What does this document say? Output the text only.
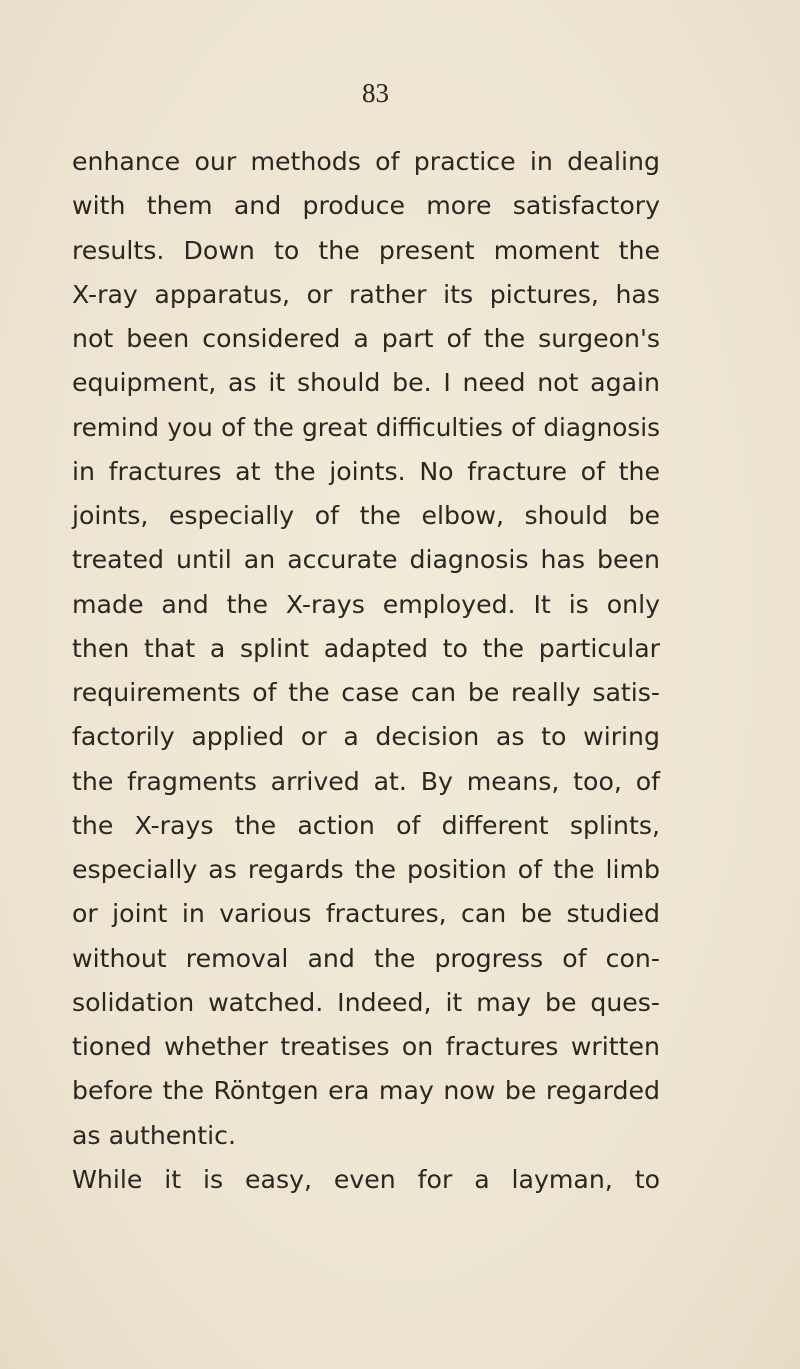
83
enhance our methods of practice in dealing
with them and produce more satisfactory
results. Down to the present moment the
X-ray apparatus, or rather its pictures, has
not been considered a part of the surgeon's
equipment, as it should be. I need not again
remind you of the great difficulties of diagnosis
in fractures at the joints. No fracture of the
joints, especially of the elbow, should be
treated until an accurate diagnosis has been
made and the X-rays employed. It is only
then that a splint adapted to the particular
requirements of the case can be really satis-
factorily applied or a decision as to wiring
the fragments arrived at. By means, too, of
the X-rays the action of different splints,
especially as regards the position of the limb
or joint in various fractures, can be studied
without removal and the progress of con-
solidation watched. Indeed, it may be ques-
tioned whether treatises on fractures written
before the Röntgen era may now be regarded
as authentic.
While it is easy, even for a layman, to
